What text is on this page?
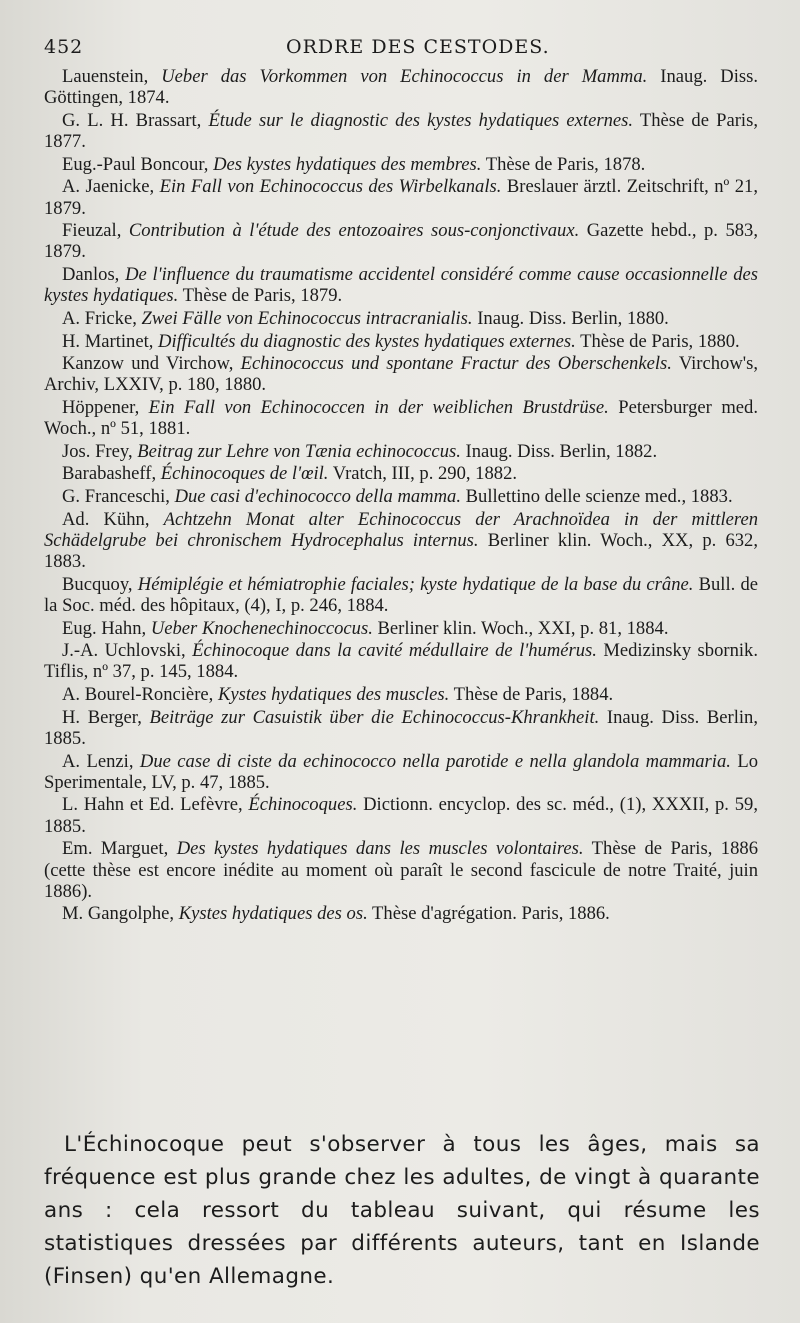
452	ORDRE DES CESTODES.

Lauenstein, Ueber das Vorkommen von Echinococcus in der Mamma. Inaug. Diss. Göttingen, 1874.

G. L. H. Brassart, Étude sur le diagnostic des kystes hydatiques externes. Thèse de Paris, 1877.

Eug.-Paul Boncour, Des kystes hydatiques des membres. Thèse de Paris, 1878.

A. Jaenicke, Ein Fall von Echinococcus des Wirbelkanals. Breslauer ärztl. Zeitschrift, nº 21, 1879.

Fieuzal, Contribution à l'étude des entozoaires sous-conjonctivaux. Gazette hebd., p. 583, 1879.

Danlos, De l'influence du traumatisme accidentel considéré comme cause occasionnelle des kystes hydatiques. Thèse de Paris, 1879.

A. Fricke, Zwei Fälle von Echinococcus intracranialis. Inaug. Diss. Berlin, 1880.

H. Martinet, Difficultés du diagnostic des kystes hydatiques externes. Thèse de Paris, 1880.

Kanzow und Virchow, Echinococcus und spontane Fractur des Oberschenkels. Virchow's, Archiv, LXXIV, p. 180, 1880.

Höppener, Ein Fall von Echinococcen in der weiblichen Brustdrüse. Petersburger med. Woch., nº 51, 1881.

Jos. Frey, Beitrag zur Lehre von Tænia echinococcus. Inaug. Diss. Berlin, 1882.

Barabasheff, Échinocoques de l'œil. Vratch, III, p. 290, 1882.

G. Franceschi, Due casi d'echinococco della mamma. Bullettino delle scienze med., 1883.

Ad. Kühn, Achtzehn Monat alter Echinococcus der Arachnoïdea in der mittleren Schädelgrube bei chronischem Hydrocephalus internus. Berliner klin. Woch., XX, p. 632, 1883.

Bucquoy, Hémiplégie et hémiatrophie faciales; kyste hydatique de la base du crâne. Bull. de la Soc. méd. des hôpitaux, (4), I, p. 246, 1884.

Eug. Hahn, Ueber Knochenechinoccocus. Berliner klin. Woch., XXI, p. 81, 1884.

J.-A. Uchlovski, Échinocoque dans la cavité médullaire de l'humérus. Medizinsky sbornik. Tiflis, nº 37, p. 145, 1884.

A. Bourel-Roncière, Kystes hydatiques des muscles. Thèse de Paris, 1884.

H. Berger, Beiträge zur Casuistik über die Echinococcus-Khrankheit. Inaug. Diss. Berlin, 1885.

A. Lenzi, Due case di ciste da echinococco nella parotide e nella glandola mammaria. Lo Sperimentale, LV, p. 47, 1885.

L. Hahn et Ed. Lefèvre, Échinocoques. Dictionn. encyclop. des sc. méd., (1), XXXII, p. 59, 1885.

Em. Marguet, Des kystes hydatiques dans les muscles volontaires. Thèse de Paris, 1886 (cette thèse est encore inédite au moment où paraît le second fascicule de notre Traité, juin 1886).

M. Gangolphe, Kystes hydatiques des os. Thèse d'agrégation. Paris, 1886.

L'Échinocoque peut s'observer à tous les âges, mais sa fréquence est plus grande chez les adultes, de vingt à quarante ans : cela ressort du tableau suivant, qui résume les statistiques dressées par différents auteurs, tant en Islande (Finsen) qu'en Allemagne.
